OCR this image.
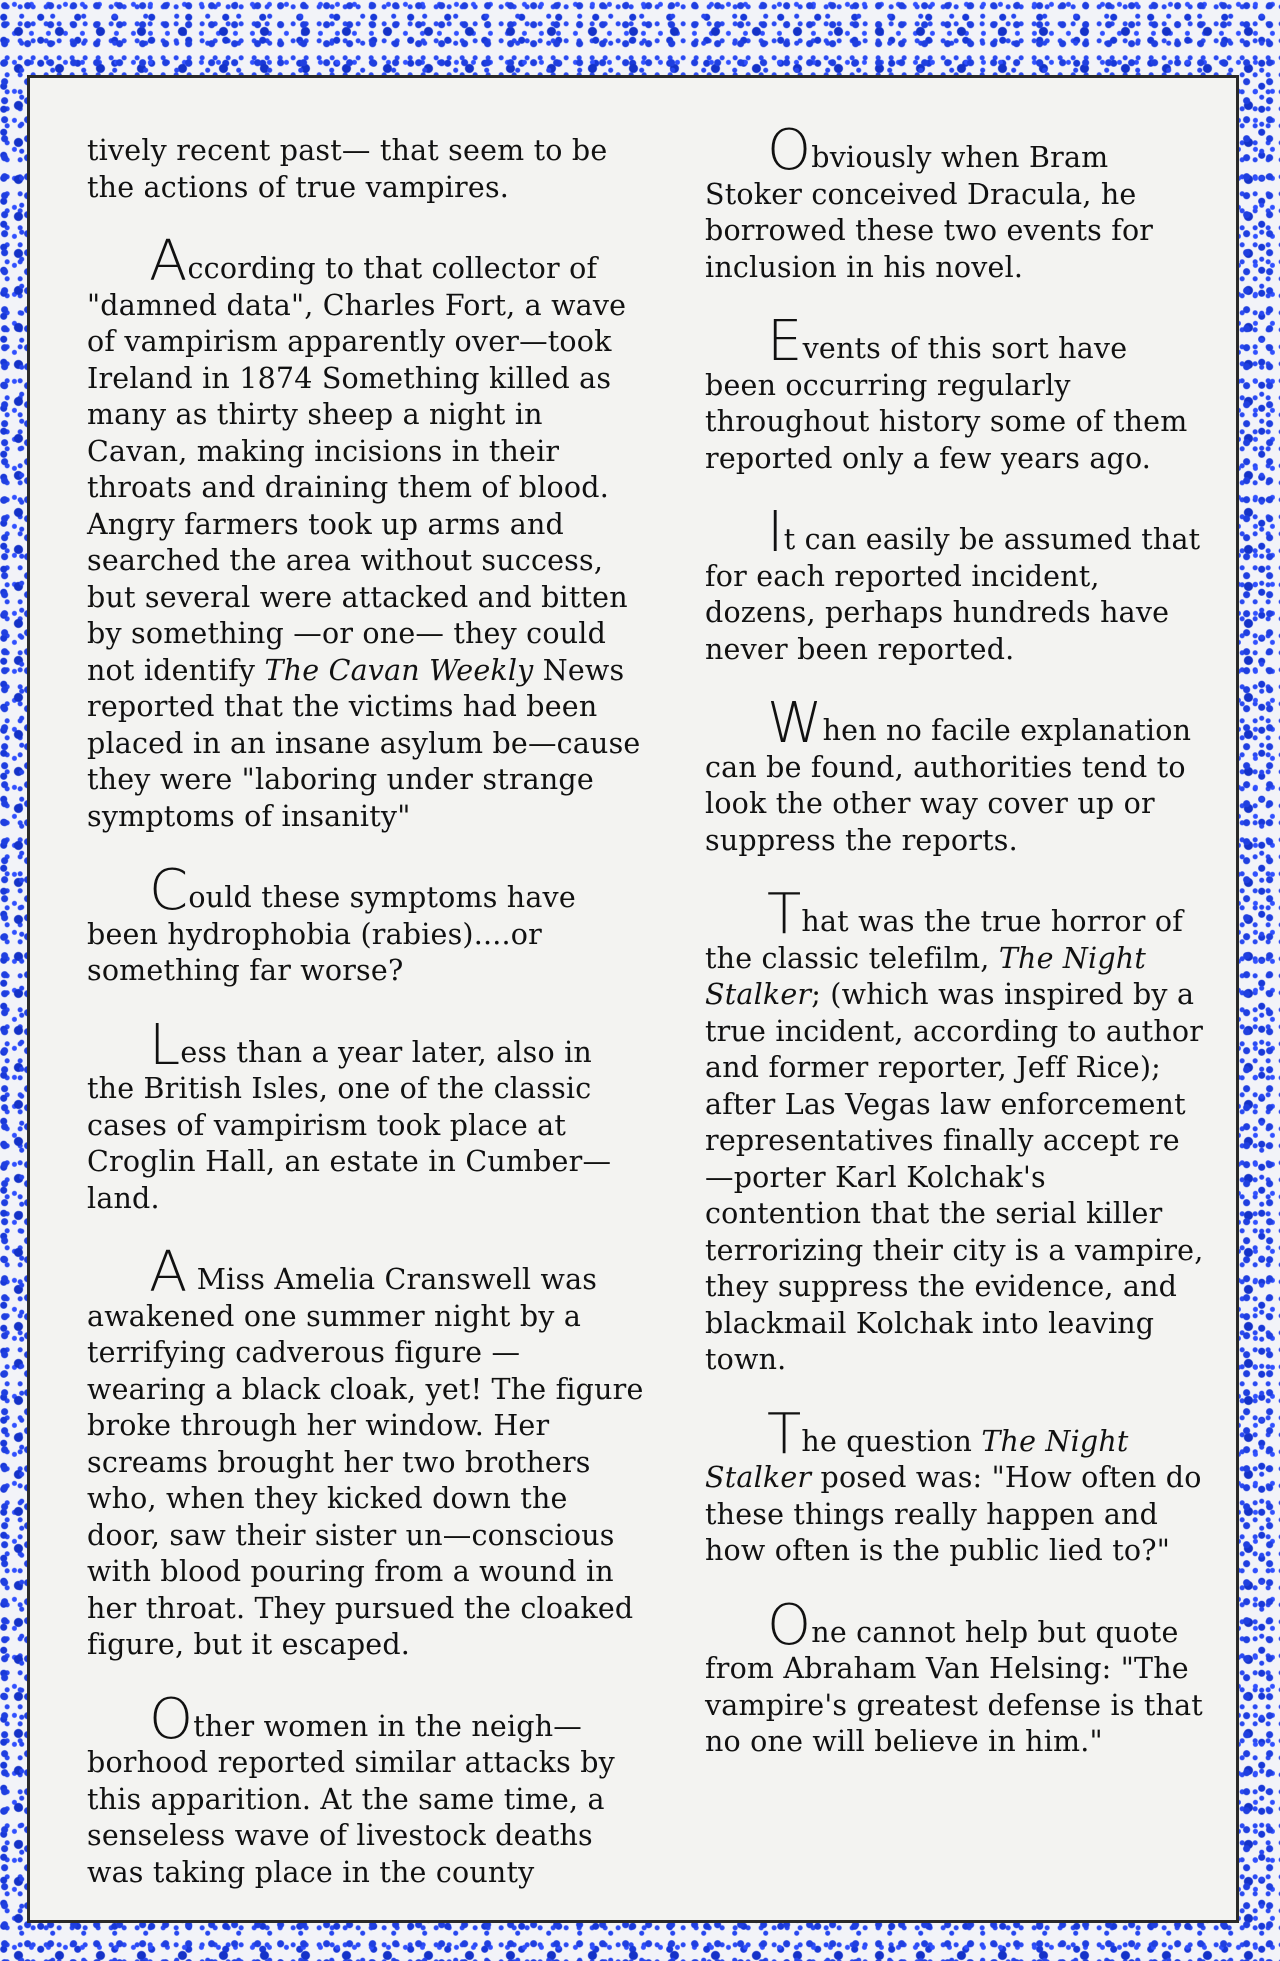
tively recent past— that seem to be the actions of true vampires.

According to that collector of "damned data", Charles Fort, a wave of vampirism apparently over—took Ireland in 1874 Something killed as many as thirty sheep a night in Cavan, making incisions in their throats and draining them of blood. Angry farmers took up arms and searched the area without success, but several were attacked and bitten by something —or one— they could not identify The Cavan Weekly News reported that the victims had been placed in an insane asylum be—cause they were "laboring under strange symptoms of insanity"

Could these symptoms have been hydrophobia (rabies)....or something far worse?

Less than a year later, also in the British Isles, one of the classic cases of vampirism took place at Croglin Hall, an estate in Cumber—land.

A Miss Amelia Cranswell was awakened one summer night by a terrifying cadverous figure — wearing a black cloak, yet! The figure broke through her window. Her screams brought her two brothers who, when they kicked down the door, saw their sister un—conscious with blood pouring from a wound in her throat. They pursued the cloaked figure, but it escaped.

Other women in the neigh—borhood reported similar attacks by this apparition. At the same time, a senseless wave of livestock deaths was taking place in the county

Obviously when Bram Stoker conceived Dracula, he borrowed these two events for inclusion in his novel.

Events of this sort have been occurring regularly throughout history some of them reported only a few years ago.

It can easily be assumed that for each reported incident, dozens, perhaps hundreds have never been reported.

When no facile explanation can be found, authorities tend to look the other way cover up or suppress the reports.

That was the true horror of the classic telefilm, The Night Stalker; (which was inspired by a true incident, according to author and former reporter, Jeff Rice); after Las Vegas law enforcement representatives finally accept re—porter Karl Kolchak's contention that the serial killer terrorizing their city is a vampire, they suppress the evidence, and blackmail Kolchak into leaving town.

The question The Night Stalker posed was: "How often do these things really happen and how often is the public lied to?"

One cannot help but quote from Abraham Van Helsing: "The vampire's greatest defense is that no one will believe in him."
